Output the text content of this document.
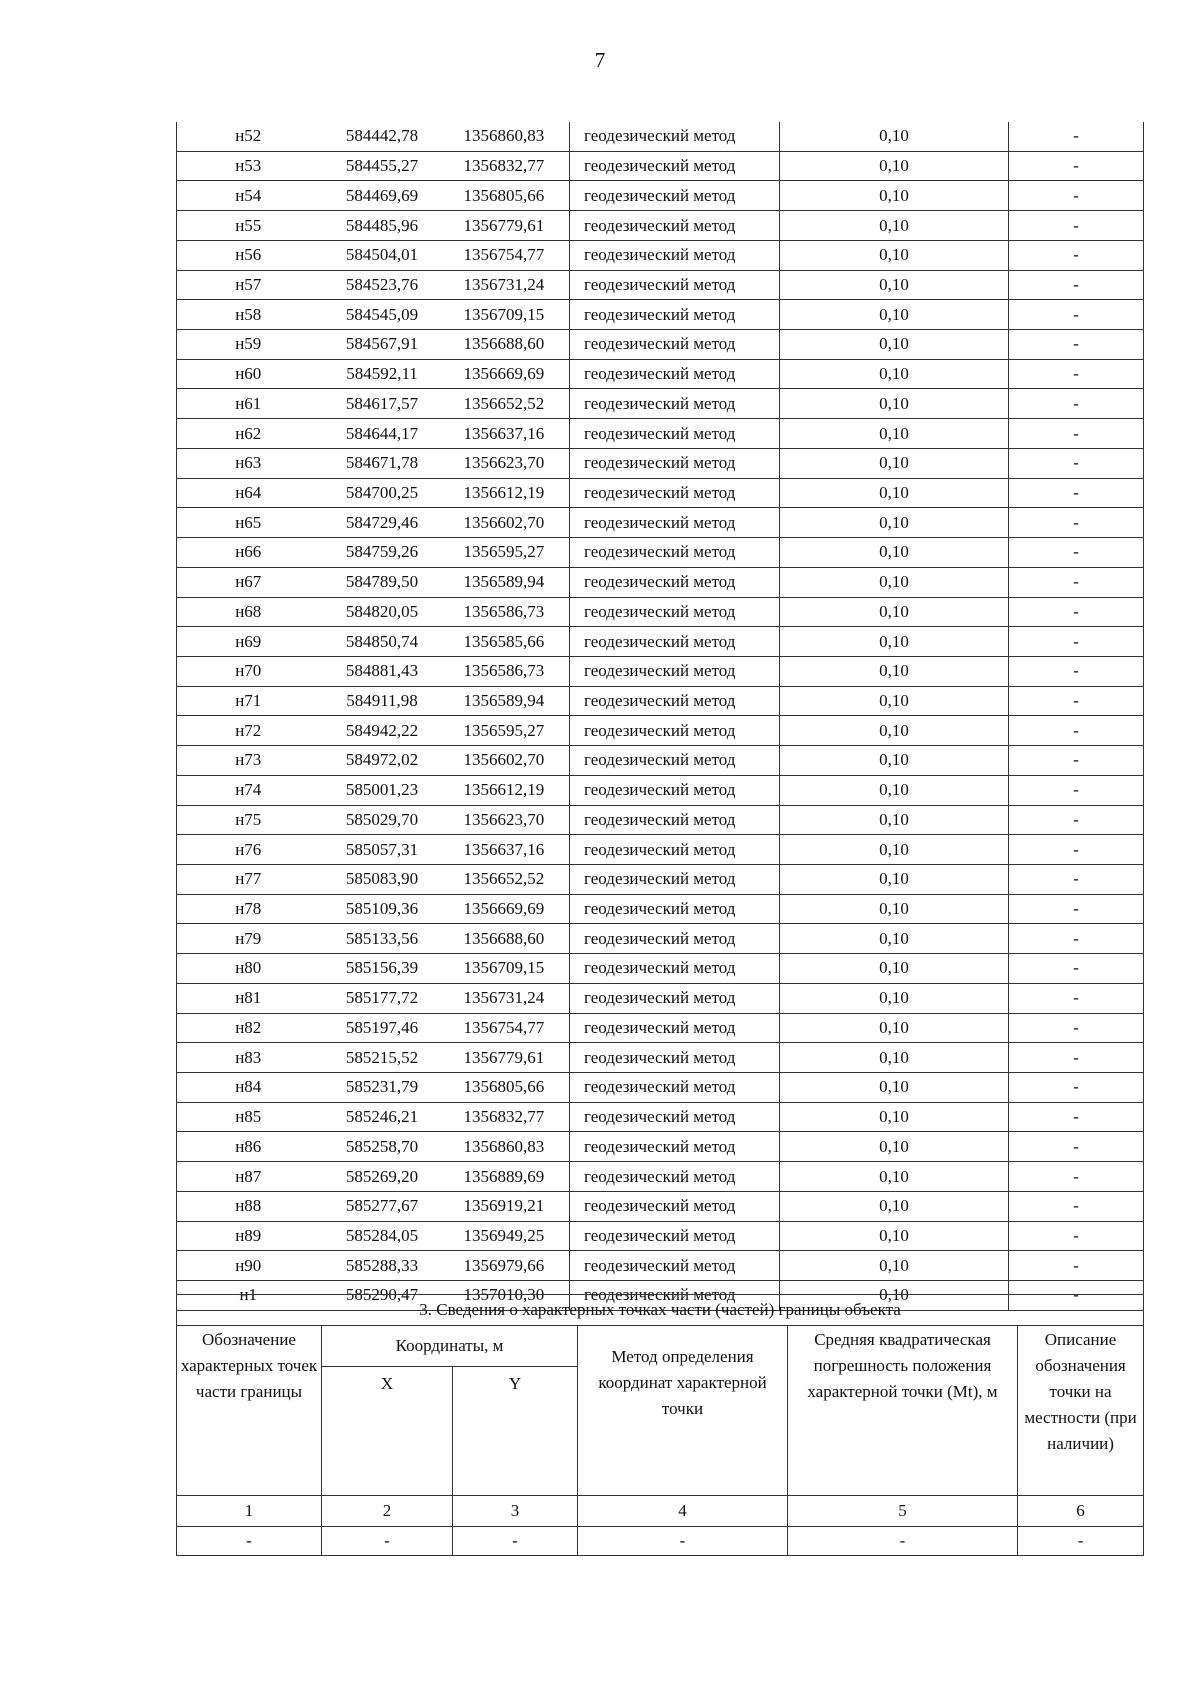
7
н52	584442,78	1356860,83	геодезический метод	0,10	-
н53	584455,27	1356832,77	геодезический метод	0,10	-
н54	584469,69	1356805,66	геодезический метод	0,10	-
н55	584485,96	1356779,61	геодезический метод	0,10	-
н56	584504,01	1356754,77	геодезический метод	0,10	-
н57	584523,76	1356731,24	геодезический метод	0,10	-
н58	584545,09	1356709,15	геодезический метод	0,10	-
н59	584567,91	1356688,60	геодезический метод	0,10	-
н60	584592,11	1356669,69	геодезический метод	0,10	-
н61	584617,57	1356652,52	геодезический метод	0,10	-
н62	584644,17	1356637,16	геодезический метод	0,10	-
н63	584671,78	1356623,70	геодезический метод	0,10	-
н64	584700,25	1356612,19	геодезический метод	0,10	-
н65	584729,46	1356602,70	геодезический метод	0,10	-
н66	584759,26	1356595,27	геодезический метод	0,10	-
н67	584789,50	1356589,94	геодезический метод	0,10	-
н68	584820,05	1356586,73	геодезический метод	0,10	-
н69	584850,74	1356585,66	геодезический метод	0,10	-
н70	584881,43	1356586,73	геодезический метод	0,10	-
н71	584911,98	1356589,94	геодезический метод	0,10	-
н72	584942,22	1356595,27	геодезический метод	0,10	-
н73	584972,02	1356602,70	геодезический метод	0,10	-
н74	585001,23	1356612,19	геодезический метод	0,10	-
н75	585029,70	1356623,70	геодезический метод	0,10	-
н76	585057,31	1356637,16	геодезический метод	0,10	-
н77	585083,90	1356652,52	геодезический метод	0,10	-
н78	585109,36	1356669,69	геодезический метод	0,10	-
н79	585133,56	1356688,60	геодезический метод	0,10	-
н80	585156,39	1356709,15	геодезический метод	0,10	-
н81	585177,72	1356731,24	геодезический метод	0,10	-
н82	585197,46	1356754,77	геодезический метод	0,10	-
н83	585215,52	1356779,61	геодезический метод	0,10	-
н84	585231,79	1356805,66	геодезический метод	0,10	-
н85	585246,21	1356832,77	геодезический метод	0,10	-
н86	585258,70	1356860,83	геодезический метод	0,10	-
н87	585269,20	1356889,69	геодезический метод	0,10	-
н88	585277,67	1356919,21	геодезический метод	0,10	-
н89	585284,05	1356949,25	геодезический метод	0,10	-
н90	585288,33	1356979,66	геодезический метод	0,10	-
н1	585290,47	1357010,30	геодезический метод	0,10	-
3. Сведения о характерных точках части (частей) границы объекта					
Обозначение характерных точек части границы	Координаты, м		Метод определения координат характерной точки	Средняя квадратическая погрешность положения характерной точки (Mt), м	Описание обозначения точки на местности (при наличии)
	X	Y			
1	2	3	4	5	6
-	-	-	-	-	-
